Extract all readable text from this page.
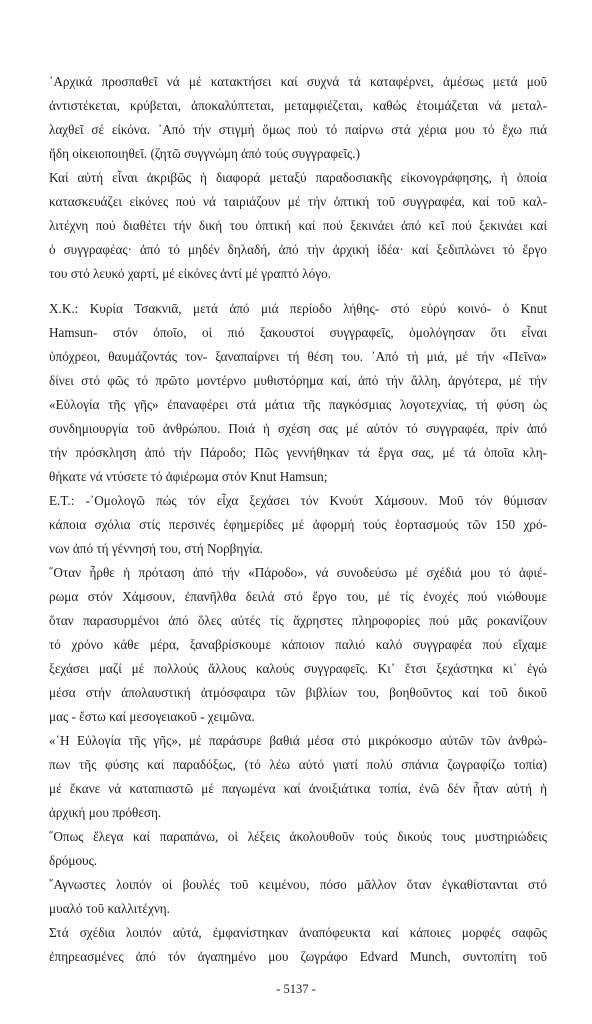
᾽Αρχικά προσπαθεῖ νά μέ κατακτήσει καί συχνά τά καταφέρνει, ἀμέσως μετά μοῦ

ἀντιστέκεται, κρύβεται, ἀποκαλύπτεται, μεταμφιέζεται, καθώς ἑτοιμάζεται νά μεταλ-

λαχθεῖ σέ εἰκόνα. ᾽Από τήν στιγμή ὅμως πού τό παίρνω στά χέρια μου τό ἔχω πιά

ἤδη οἰκειοποιηθεῖ. (ζητῶ συγγνώμη ἀπό τούς συγγραφεῖς.)

Καί αὐτή εἶναι ἀκριβῶς ἡ διαφορά μεταξύ παραδοσιακῆς εἰκονογράφησης, ἡ ὁποία

κατασκευάζει εἰκόνες πού νά ταιριάζουν μέ τήν ὀπτική τοῦ συγγραφέα, καί τοῦ καλ-

λιτέχνη πού διαθέτει τήν δική του ὀπτική καί πού ξεκινάει ἀπό κεῖ πού ξεκινάει καί

ὁ συγγραφέας· ἀπό τό μηδέν δηλαδή, ἀπό τήν ἀρχική ἰδέα· καί ξεδιπλώνει τό ἔργο

του στό λευκό χαρτί, μέ εἰκόνες ἀντί μέ γραπτό λόγο.

Χ.Κ.: Κυρία Τσακνιᾶ, μετά ἀπό μιά περίοδο λήθης- στό εὐρύ κοινό- ὁ Knut

Hamsun- στόν ὁποῖο, οἱ πιό ξακουστοί συγγραφεῖς, ὁμολόγησαν ὅτι εἶναι

ὑπόχρεοι, θαυμάζοντάς τον- ξαναπαίρνει τή θέση του. ᾽Από τή μιά, μέ τήν «Πεῖνα»

δίνει στό φῶς τό πρῶτο μοντέρνο μυθιστόρημα καί, ἀπό τήν ἄλλη, ἀργότερα, μέ τήν

«Εὐλογία τῆς γῆς» ἐπαναφέρει στά μάτια τῆς παγκόσμιας λογοτεχνίας, τή φύση ὡς

συνδημιουργία τοῦ ἀνθρώπου. Ποιά ἡ σχέση σας μέ αὐτόν τό συγγραφέα, πρίν ἀπό

τήν πρόσκληση ἀπό τήν Πάροδο; Πῶς γεννήθηκαν τά ἔργα σας, μέ τά ὁποῖα κλη-

θήκατε νά ντύσετε τό ἀφιέρωμα στόν Knut Hamsun;

Ε.Τ.: -᾽Ομολογῶ πώς τόν εἶχα ξεχάσει τόν Κνούτ Χάμσουν. Μοῦ τόν θύμισαν

κάποια σχόλια στίς περσινές ἐφημερίδες μέ ἀφορμή τούς ἑορτασμούς τῶν 150 χρό-

νων ἀπό τή γέννησή του, στή Νορβηγία.

῞Οταν ἦρθε ἡ πρόταση ἀπό τήν «Πάροδο», νά συνοδεύσω μέ σχέδιά μου τό ἀφιέ-

ρωμα στόν Χάμσουν, ἐπανῆλθα δειλά στό ἔργο του, μέ τίς ἐνοχές πού νιώθουμε

ὅταν παρασυρμένοι ἀπό ὅλες αὐτές τίς ἄχρηστες πληροφορίες πού μᾶς ροκανίζουν

τό χρόνο κάθε μέρα, ξαναβρίσκουμε κάποιον παλιό καλό συγγραφέα πού εἴχαμε

ξεχάσει μαζί μέ πολλούς ἄλλους καλούς συγγραφεῖς. Κι᾽ ἔτσι ξεχάστηκα κι᾽ ἐγώ

μέσα στήν ἀπολαυστική ἀτμόσφαιρα τῶν βιβλίων του, βοηθοῦντος καί τοῦ δικοῦ

μας - ἔστω καί μεσογειακοῦ - χειμῶνα.

«῾Η Εὐλογία τῆς γῆς», μέ παράσυρε βαθιά μέσα στό μικρόκοσμο αὐτῶν τῶν ἀνθρώ-

πων τῆς φύσης καί παραδόξως, (τό λέω αὐτό γιατί πολύ σπάνια ζωγραφίζω τοπία)

μέ ἔκανε νά καταπιαστῶ μέ παγωμένα καί ἀνοιξιάτικα τοπία, ἐνῶ δέν ἦταν αὐτή ἡ

ἀρχική μου πρόθεση.

῞Οπως ἔλεγα καί παραπάνω, οἱ λέξεις ἀκολουθοῦν τούς δικούς τους μυστηριώδεις

δρόμους.

῎Αγνωστες λοιπόν οἱ βουλές τοῦ κειμένου, πόσο μᾶλλον ὅταν ἐγκαθίστανται στό

μυαλό τοῦ καλλιτέχνη.

Στά σχέδια λοιπόν αὐτά, ἐμφανίστηκαν ἀναπόφευκτα καί κάποιες μορφές σαφῶς

ἐπηρεασμένες ἀπό τόν ἀγαπημένο μου ζωγράφο Edvard Munch, συντοπίτη τοῦ

- 5137 -
